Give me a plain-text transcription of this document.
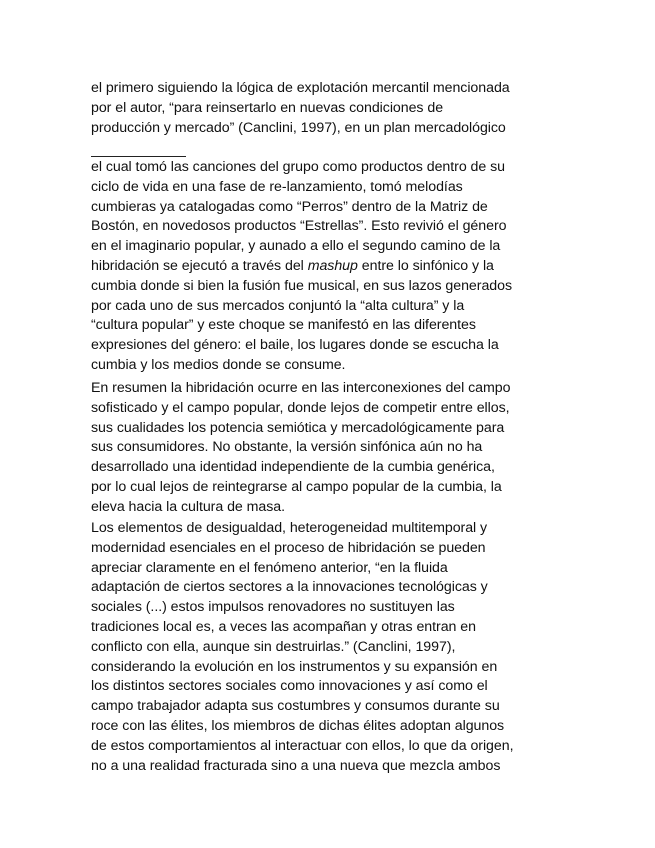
el primero siguiendo la lógica de explotación mercantil mencionada
por el autor, “para reinsertarlo en nuevas condiciones de
producción y mercado” (Canclini, 1997), en un plan mercadológico
el cual tomó las canciones del grupo como productos dentro de su
ciclo de vida en una fase de re-lanzamiento, tomó melodías
cumbieras ya catalogadas como “Perros” dentro de la Matriz de
Bostón, en novedosos productos “Estrellas”. Esto revivió el género
en el imaginario popular, y aunado a ello el segundo camino de la
hibridación se ejecutó a través del mashup entre lo sinfónico y la
cumbia donde si bien la fusión fue musical, en sus lazos generados
por cada uno de sus mercados conjuntó la “alta cultura” y la
“cultura popular” y este choque se manifestó en las diferentes
expresiones del género: el baile, los lugares donde se escucha la
cumbia y los medios donde se consume.
En resumen la hibridación ocurre en las interconexiones del campo
sofisticado y el campo popular, donde lejos de competir entre ellos,
sus cualidades los potencia semiótica y mercadológicamente para
sus consumidores. No obstante, la versión sinfónica aún no ha
desarrollado una identidad independiente de la cumbia genérica,
por lo cual lejos de reintegrarse al campo popular de la cumbia, la
eleva hacia la cultura de masa.
Los elementos de desigualdad, heterogeneidad multitemporal y
modernidad esenciales en el proceso de hibridación se pueden
apreciar claramente en el fenómeno anterior, “en la fluida
adaptación de ciertos sectores a la innovaciones tecnológicas y
sociales (...) estos impulsos renovadores no sustituyen las
tradiciones local es, a veces las acompañan y otras entran en
conflicto con ella, aunque sin destruirlas.” (Canclini, 1997),
considerando la evolución en los instrumentos y su expansión en
los distintos sectores sociales como innovaciones y así como el
campo trabajador adapta sus costumbres y consumos durante su
roce con las élites, los miembros de dichas élites adoptan algunos
de estos comportamientos al interactuar con ellos, lo que da origen,
no a una realidad fracturada sino a una nueva que mezcla ambos
